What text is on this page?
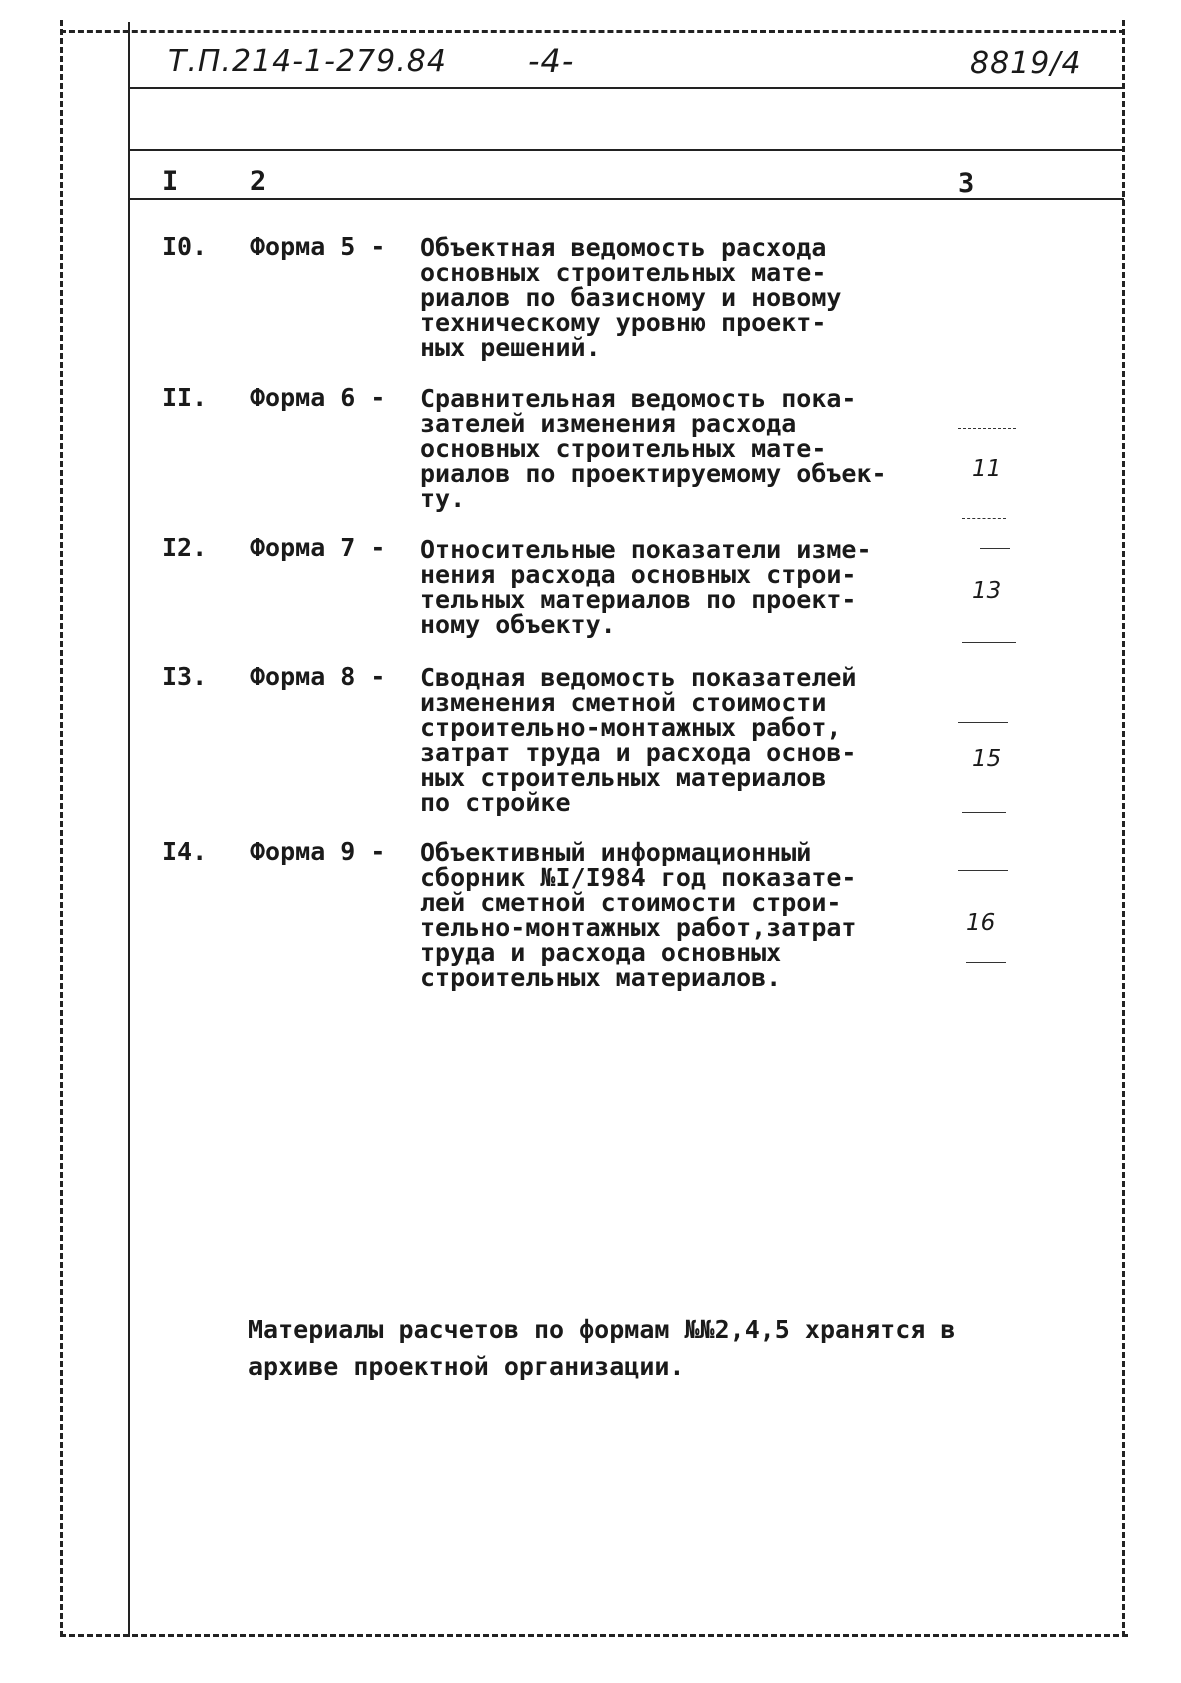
Т.П.214-1-279.84	-4-	8819/4
I	2	3
I0. Форма 5 - Объектная ведомость расхода
основных строительных мате-
риалов по базисному и новому
техническому уровню проект-
ных решений.
II. Форма 6 - Сравнительная ведомость пока-
зателей изменения расхода
основных строительных мате-
риалов по проектируемому объек-
ту.
11
I2. Форма 7 - Относительные показатели изме-
нения расхода основных строи-
тельных материалов по проект-
ному объекту.
13
I3. Форма 8 - Сводная ведомость показателей
изменения сметной стоимости
строительно-монтажных работ,
затрат труда и расхода основ-
ных строительных материалов
по стройке
15
I4. Форма 9 - Объективный информационный
сборник №I/I984 год показате-
лей сметной стоимости строи-
тельно-монтажных работ,затрат
труда и расхода основных
строительных материалов.
16
Материалы расчетов по формам №№2,4,5 хранятся в
архиве проектной организации.
